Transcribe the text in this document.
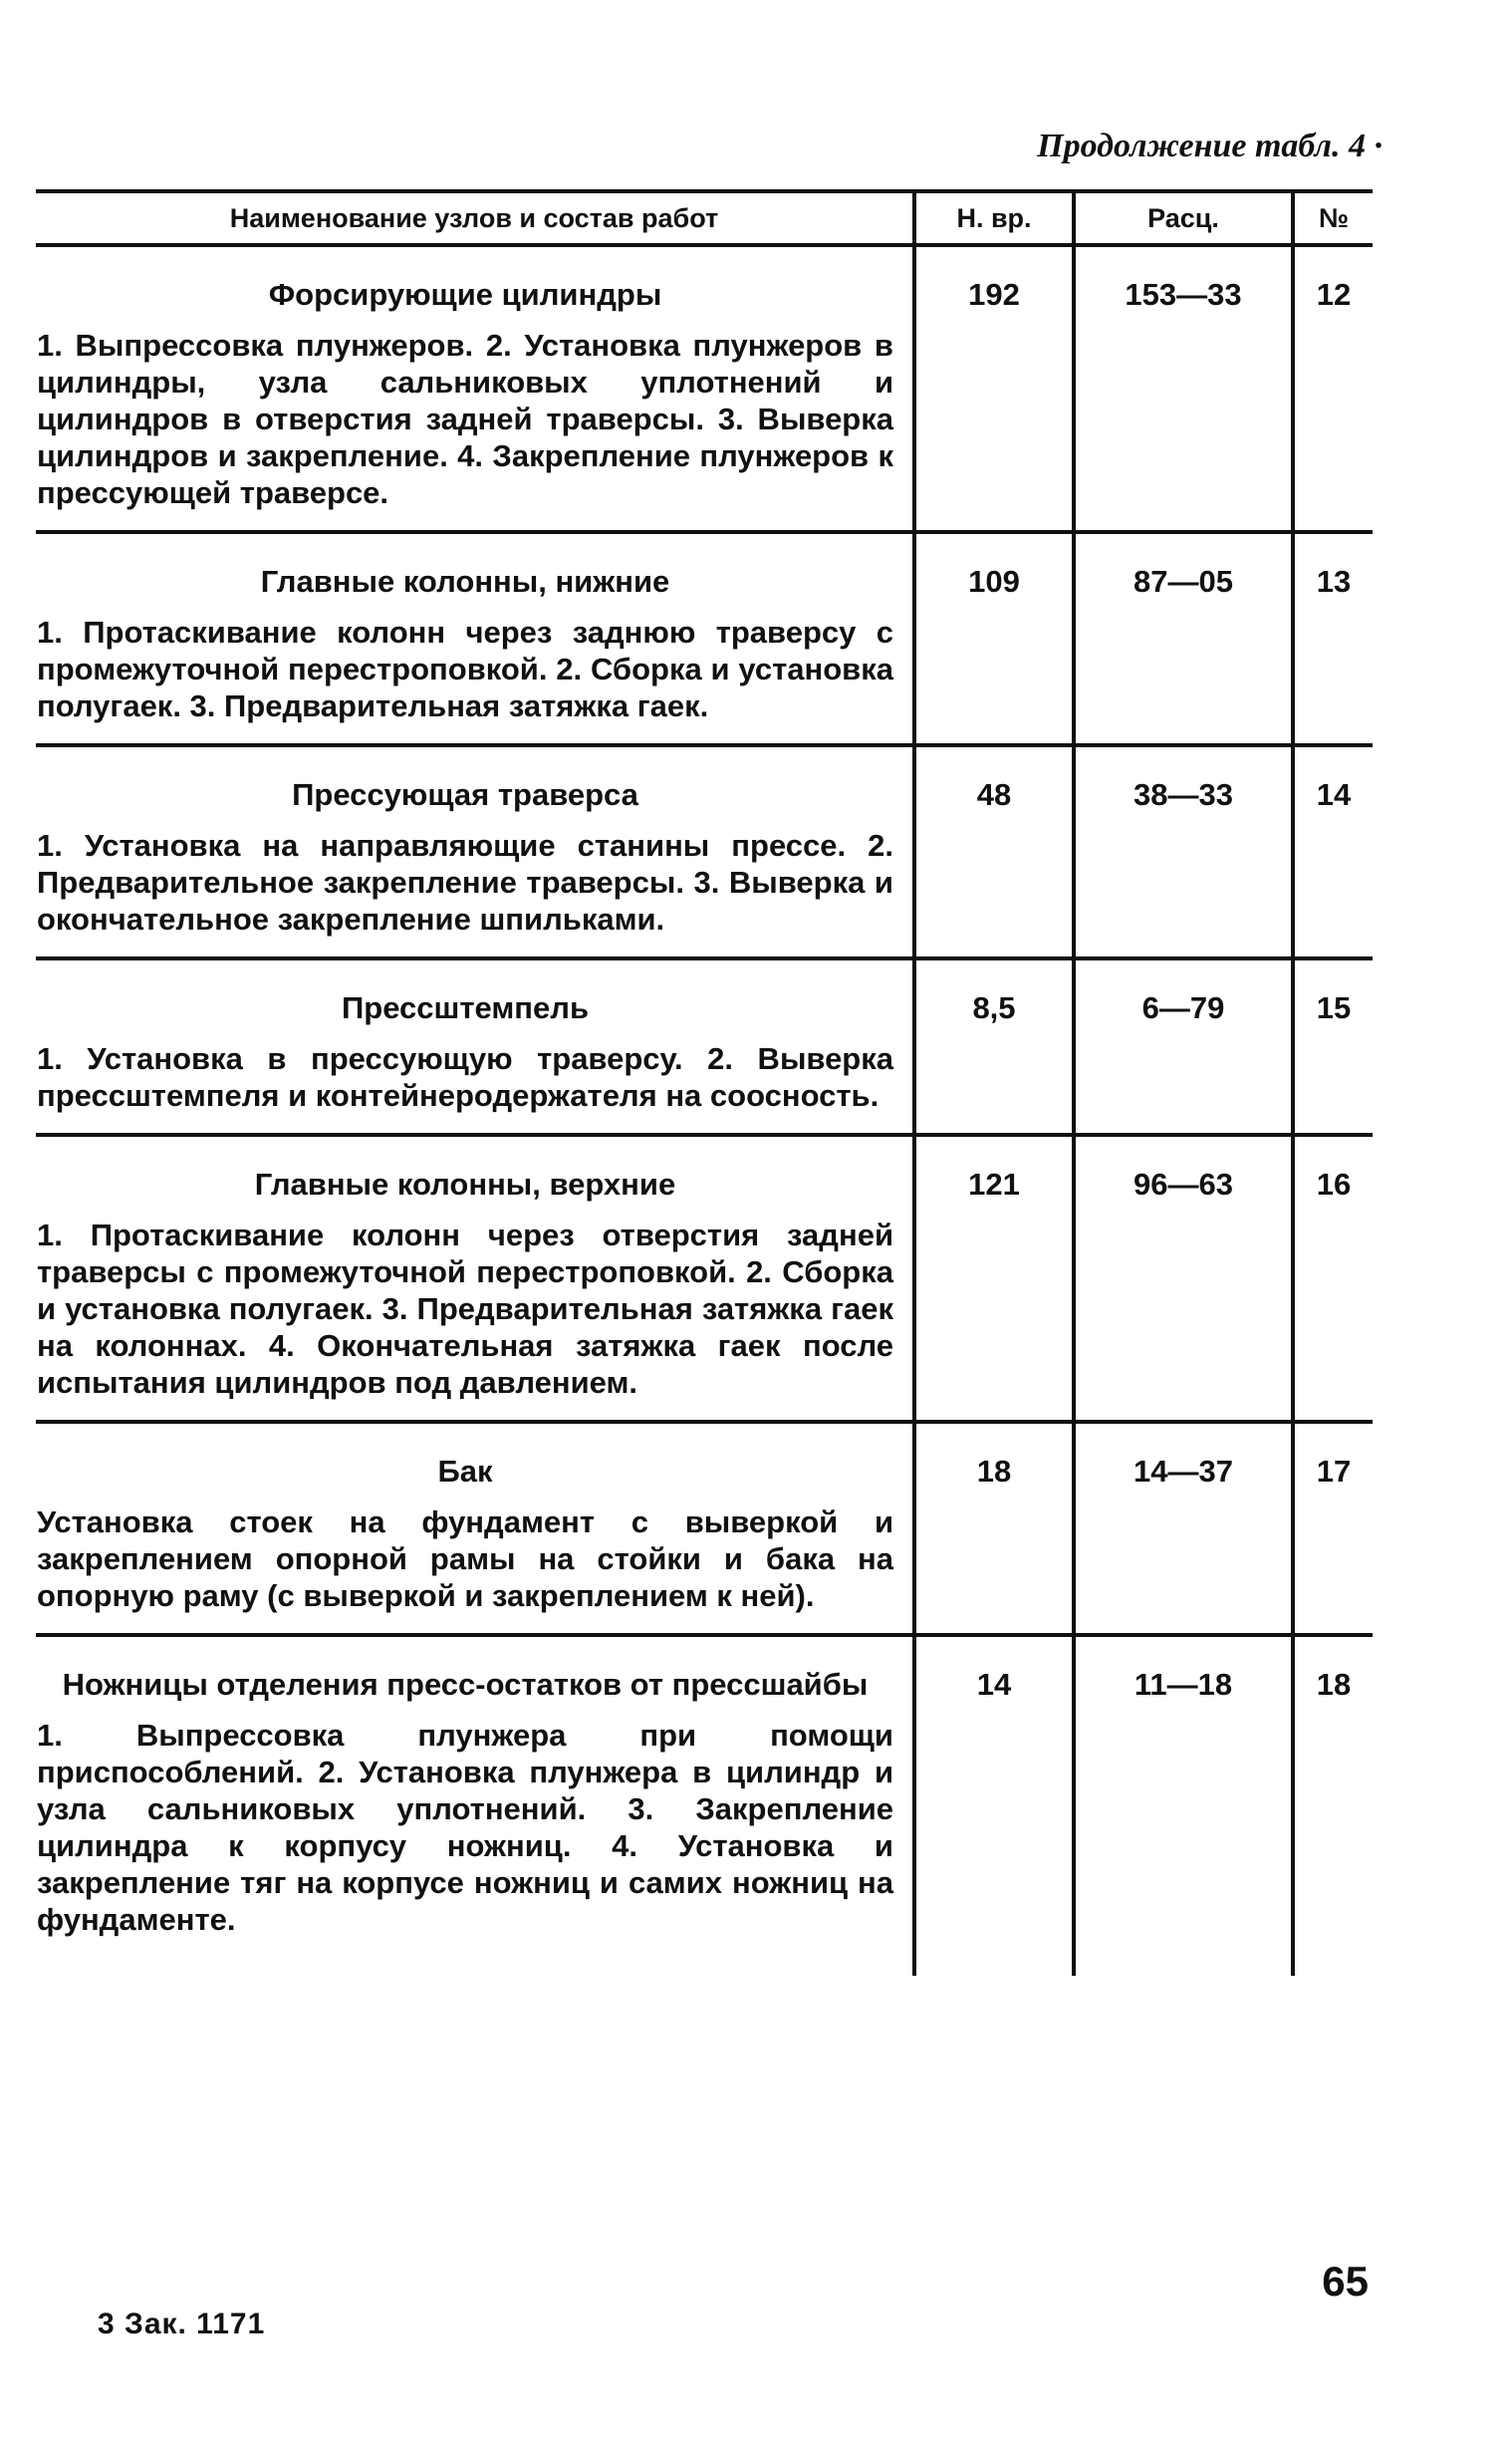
Продолжение табл. 4 ·
Наименование узлов и состав работ	Н. вр.	Расц.	№

Форсирующие цилиндры
1. Выпрессовка плунжеров. 2. Установка плунжеров в цилиндры, узла сальниковых уплотнений и цилиндров в отверстия задней траверсы. 3. Выверка цилиндров и закрепление. 4. Закрепление плунжеров к прессующей траверсе.	192	153—33	12

Главные колонны, нижние
1. Протаскивание колонн через заднюю траверсу с промежуточной перестроповкой. 2. Сборка и установка полугаек. 3. Предварительная затяжка гаек.	109	87—05	13

Прессующая траверса
1. Установка на направляющие станины прессе. 2. Предварительное закрепление траверсы. 3. Выверка и окончательное закрепление шпильками.	48	38—33	14

Прессштемпель
1. Установка в прессующую траверсу. 2. Выверка прессштемпеля и контейнеродержателя на соосность.	8,5	6—79	15

Главные колонны, верхние
1. Протаскивание колонн через отверстия задней траверсы с промежуточной перестроповкой. 2. Сборка и установка полугаек. 3. Предварительная затяжка гаек на колоннах. 4. Окончательная затяжка гаек после испытания цилиндров под давлением.	121	96—63	16

Бак
Установка стоек на фундамент с выверкой и закреплением опорной рамы на стойки и бака на опорную раму (с выверкой и закреплением к ней).	18	14—37	17

Ножницы отделения пресс-остатков от прессшайбы
1. Выпрессовка плунжера при помощи приспособлений. 2. Установка плунжера в цилиндр и узла сальниковых уплотнений. 3. Закрепление цилиндра к корпусу ножниц. 4. Установка и закрепление тяг на корпусе ножниц и самих ножниц на фундаменте.	14	11—18	18
3 Зак. 1171
65
